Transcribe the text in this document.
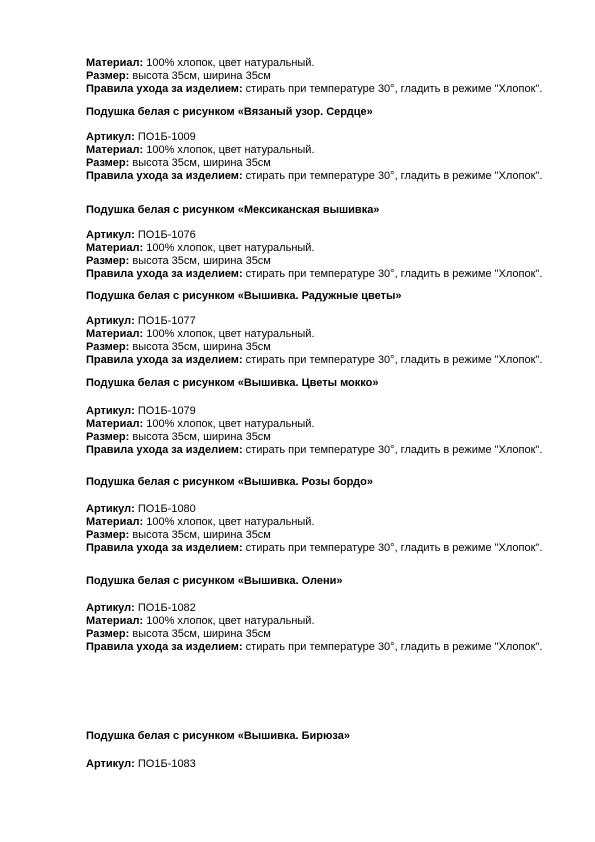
Материал: 100% хлопок, цвет натуральный.
Размер: высота 35см, ширина 35см
Правила ухода за изделием: стирать при температуре 30°, гладить в режиме "Хлопок".
Подушка белая с рисунком «Вязаный узор. Сердце»
Артикул: ПО1Б-1009
Материал: 100% хлопок, цвет натуральный.
Размер: высота 35см, ширина 35см
Правила ухода за изделием: стирать при температуре 30°, гладить в режиме "Хлопок".
Подушка белая с рисунком «Мексиканская вышивка»
Артикул: ПО1Б-1076
Материал: 100% хлопок, цвет натуральный.
Размер: высота 35см, ширина 35см
Правила ухода за изделием: стирать при температуре 30°, гладить в режиме "Хлопок".
Подушка белая с рисунком «Вышивка. Радужные цветы»
Артикул: ПО1Б-1077
Материал: 100% хлопок, цвет натуральный.
Размер: высота 35см, ширина 35см
Правила ухода за изделием: стирать при температуре 30°, гладить в режиме "Хлопок".
Подушка белая с рисунком «Вышивка. Цветы мокко»
Артикул: ПО1Б-1079
Материал: 100% хлопок, цвет натуральный.
Размер: высота 35см, ширина 35см
Правила ухода за изделием: стирать при температуре 30°, гладить в режиме "Хлопок".
Подушка белая с рисунком «Вышивка. Розы бордо»
Артикул: ПО1Б-1080
Материал: 100% хлопок, цвет натуральный.
Размер: высота 35см, ширина 35см
Правила ухода за изделием: стирать при температуре 30°, гладить в режиме "Хлопок".
Подушка белая с рисунком «Вышивка. Олени»
Артикул: ПО1Б-1082
Материал: 100% хлопок, цвет натуральный.
Размер: высота 35см, ширина 35см
Правила ухода за изделием: стирать при температуре 30°, гладить в режиме "Хлопок".
Подушка белая с рисунком «Вышивка. Бирюза»
Артикул: ПО1Б-1083
